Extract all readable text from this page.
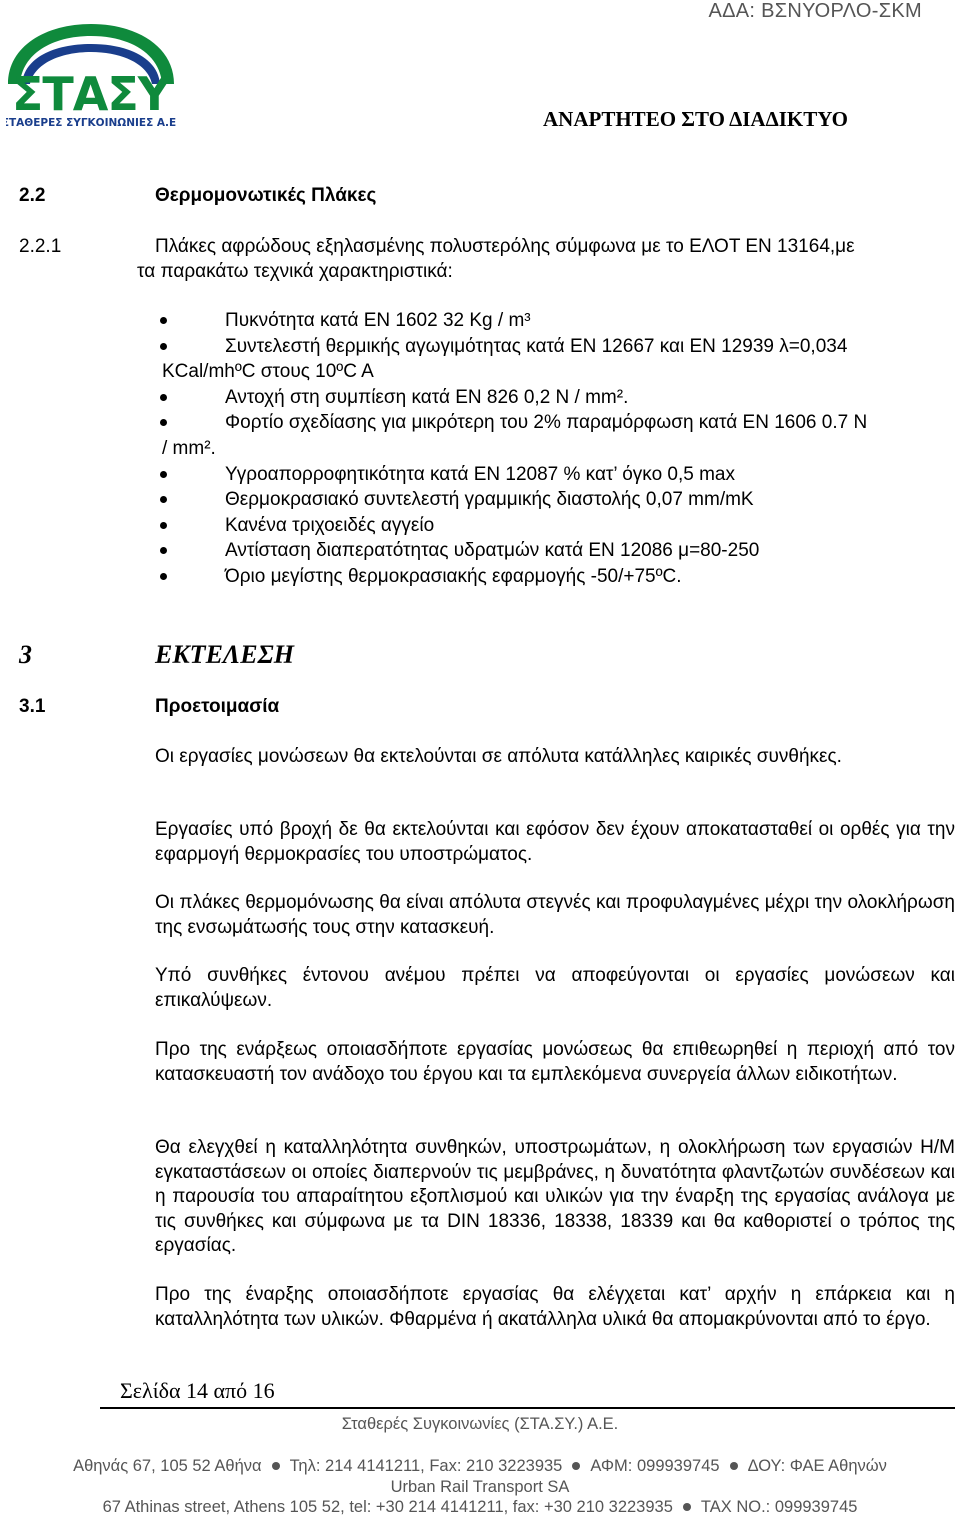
ΑΔΑ: ΒΣΝΥΟΡΛΟ-ΣΚΜ
ΣΤΑΣΥ
ΣΤΑΘΕΡΕΣ ΣΥΓΚΟΙΝΩΝΙΕΣ Α.Ε.	ΑΝΑΡΤΗΤΕΟ ΣΤΟ ΔΙΑΔΙΚΤΥΟ
2.2	Θερμομονωτικές Πλάκες
2.2.1	Πλάκες αφρώδους εξηλασμένης πολυστερόλης σύμφωνα με το ΕΛΟΤ ΕΝ 13164,με
τα παρακάτω τεχνικά χαρακτηριστικά:
Πυκνότητα κατά ΕΝ 1602 32 Kg / m³
Συντελεστή θερμικής αγωγιμότητας κατά ΕΝ 12667 και ΕΝ 12939 λ=0,034
KCal/mhºC στους 10ºC A
Αντοχή στη συμπίεση κατά ΕΝ 826 0,2 Ν / mm².
Φορτίο σχεδίασης για μικρότερη του 2% παραμόρφωση κατά ΕΝ 1606 0.7 Ν
/ mm².
Υγροαπορροφητικότητα κατά ΕΝ 12087 % κατ’ όγκο 0,5 max
Θερμοκρασιακό συντελεστή γραμμικής διαστολής 0,07 mm/mK
Κανένα τριχοειδές αγγείο
Αντίσταση διαπερατότητας υδρατμών κατά ΕΝ 12086 μ=80-250
Όριο μεγίστης θερμοκρασιακής εφαρμογής -50/+75ºC.
3	ΕΚΤΕΛΕΣΗ
3.1	Προετοιμασία
Οι εργασίες μονώσεων θα εκτελούνται σε απόλυτα κατάλληλες καιρικές συνθήκες.
Εργασίες υπό βροχή δε θα εκτελούνται και εφόσον δεν έχουν αποκατασταθεί οι ορθές για την εφαρμογή θερμοκρασίες του υποστρώματος.
Οι πλάκες θερμομόνωσης θα είναι απόλυτα στεγνές και προφυλαγμένες μέχρι την ολοκλήρωση της ενσωμάτωσής τους στην κατασκευή.
Υπό συνθήκες έντονου ανέμου πρέπει να αποφεύγονται οι εργασίες μονώσεων και επικαλύψεων.
Προ της ενάρξεως οποιασδήποτε εργασίας μονώσεως θα επιθεωρηθεί η περιοχή από τον κατασκευαστή τον ανάδοχο του έργου και τα εμπλεκόμενα συνεργεία άλλων ειδικοτήτων.
Θα ελεγχθεί η καταλληλότητα συνθηκών, υποστρωμάτων, η ολοκλήρωση των εργασιών Η/Μ εγκαταστάσεων οι οποίες διαπερνούν τις μεμβράνες, η δυνατότητα φλαντζωτών συνδέσεων και η παρουσία του απαραίτητου εξοπλισμού και υλικών για την έναρξη της εργασίας ανάλογα με τις συνθήκες και σύμφωνα με τα DIN 18336, 18338, 18339 και θα καθοριστεί ο τρόπος της εργασίας.
Προ της έναρξης οποιασδήποτε εργασίας θα ελέγχεται κατ’ αρχήν η επάρκεια και η καταλληλότητα των υλικών. Φθαρμένα ή ακατάλληλα υλικά θα απομακρύνονται από το έργο.
Σελίδα 14 από 16
Σταθερές Συγκοινωνίες (ΣΤΑ.ΣΥ.) Α.Ε.
Αθηνάς 67, 105 52 Αθήνα Τηλ: 214 4141211, Fax: 210 3223935 ΑΦΜ: 099939745 ΔΟΥ: ΦΑΕ Αθηνών
Urban Rail Transport SA
67 Athinas street, Athens 105 52, tel: +30 214 4141211, fax: +30 210 3223935 TAX NO.: 099939745
